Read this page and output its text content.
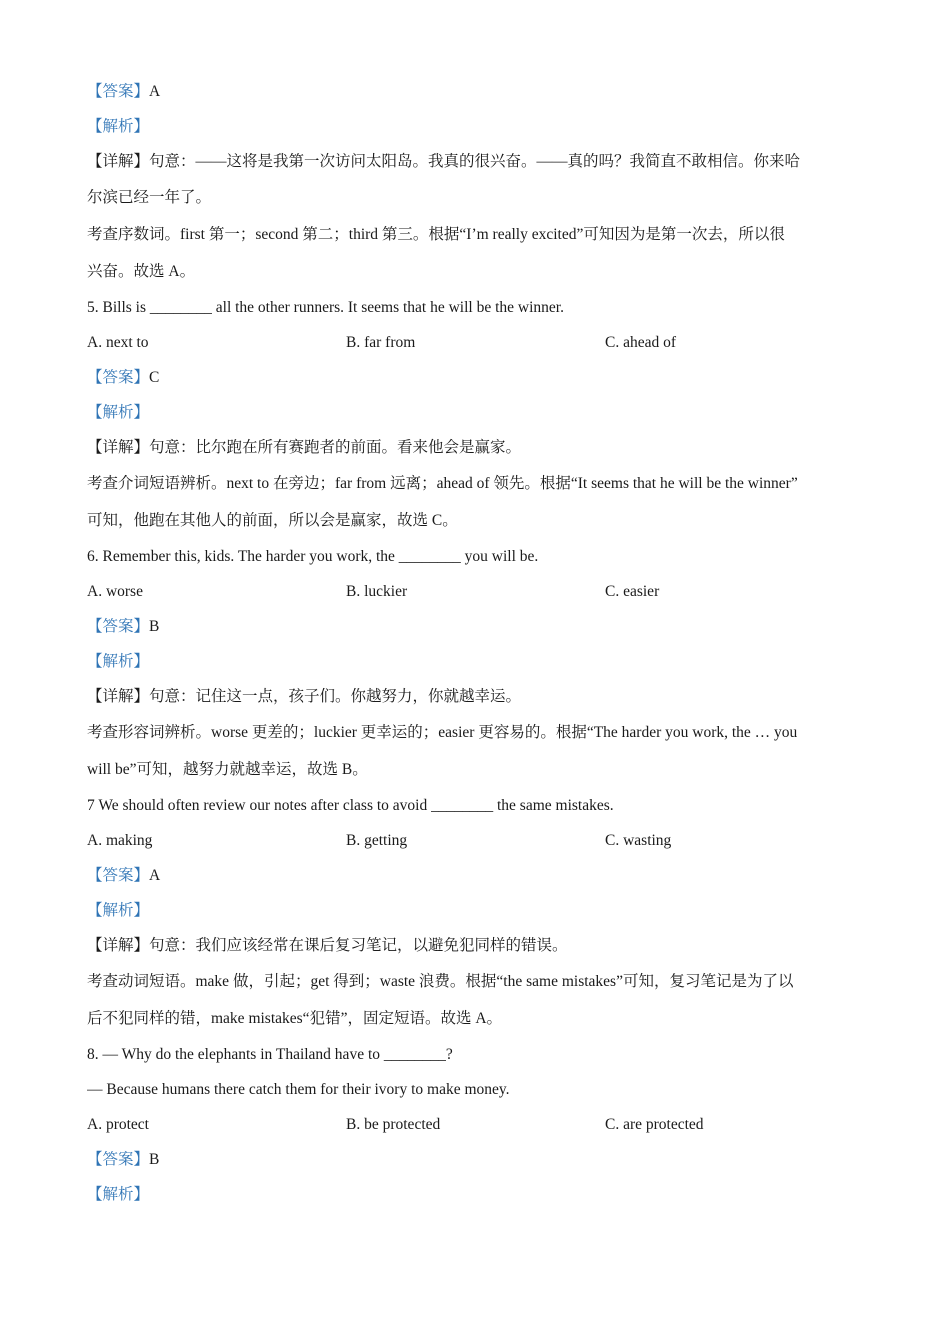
【答案】A
【解析】
【详解】句意：——这将是我第一次访问太阳岛。我真的很兴奋。——真的吗？我简直不敢相信。你来哈
尔滨已经一年了。
考查序数词。first 第一；second 第二；third 第三。根据“I’m really excited”可知因为是第一次去，所以很
兴奋。故选 A。
5. Bills is ________ all the other runners. It seems that he will be the winner.
A. next to	B. far from	C. ahead of
【答案】C
【解析】
【详解】句意：比尔跑在所有赛跑者的前面。看来他会是赢家。
考查介词短语辨析。next to 在旁边；far from 远离；ahead of 领先。根据“It seems that he will be the winner”
可知，他跑在其他人的前面，所以会是赢家，故选 C。
6. Remember this, kids. The harder you work, the ________ you will be.
A. worse	B. luckier	C. easier
【答案】B
【解析】
【详解】句意：记住这一点，孩子们。你越努力，你就越幸运。
考查形容词辨析。worse 更差的；luckier 更幸运的；easier 更容易的。根据“The harder you work, the … you
will be”可知，越努力就越幸运，故选 B。
7 We should often review our notes after class to avoid ________ the same mistakes.
A. making	B. getting	C. wasting
【答案】A
【解析】
【详解】句意：我们应该经常在课后复习笔记，以避免犯同样的错误。
考查动词短语。make 做，引起；get 得到；waste 浪费。根据“the same mistakes”可知，复习笔记是为了以
后不犯同样的错，make mistakes“犯错”，固定短语。故选 A。
8. — Why do the elephants in Thailand have to ________?
— Because humans there catch them for their ivory to make money.
A. protect	B. be protected	C. are protected
【答案】B
【解析】
